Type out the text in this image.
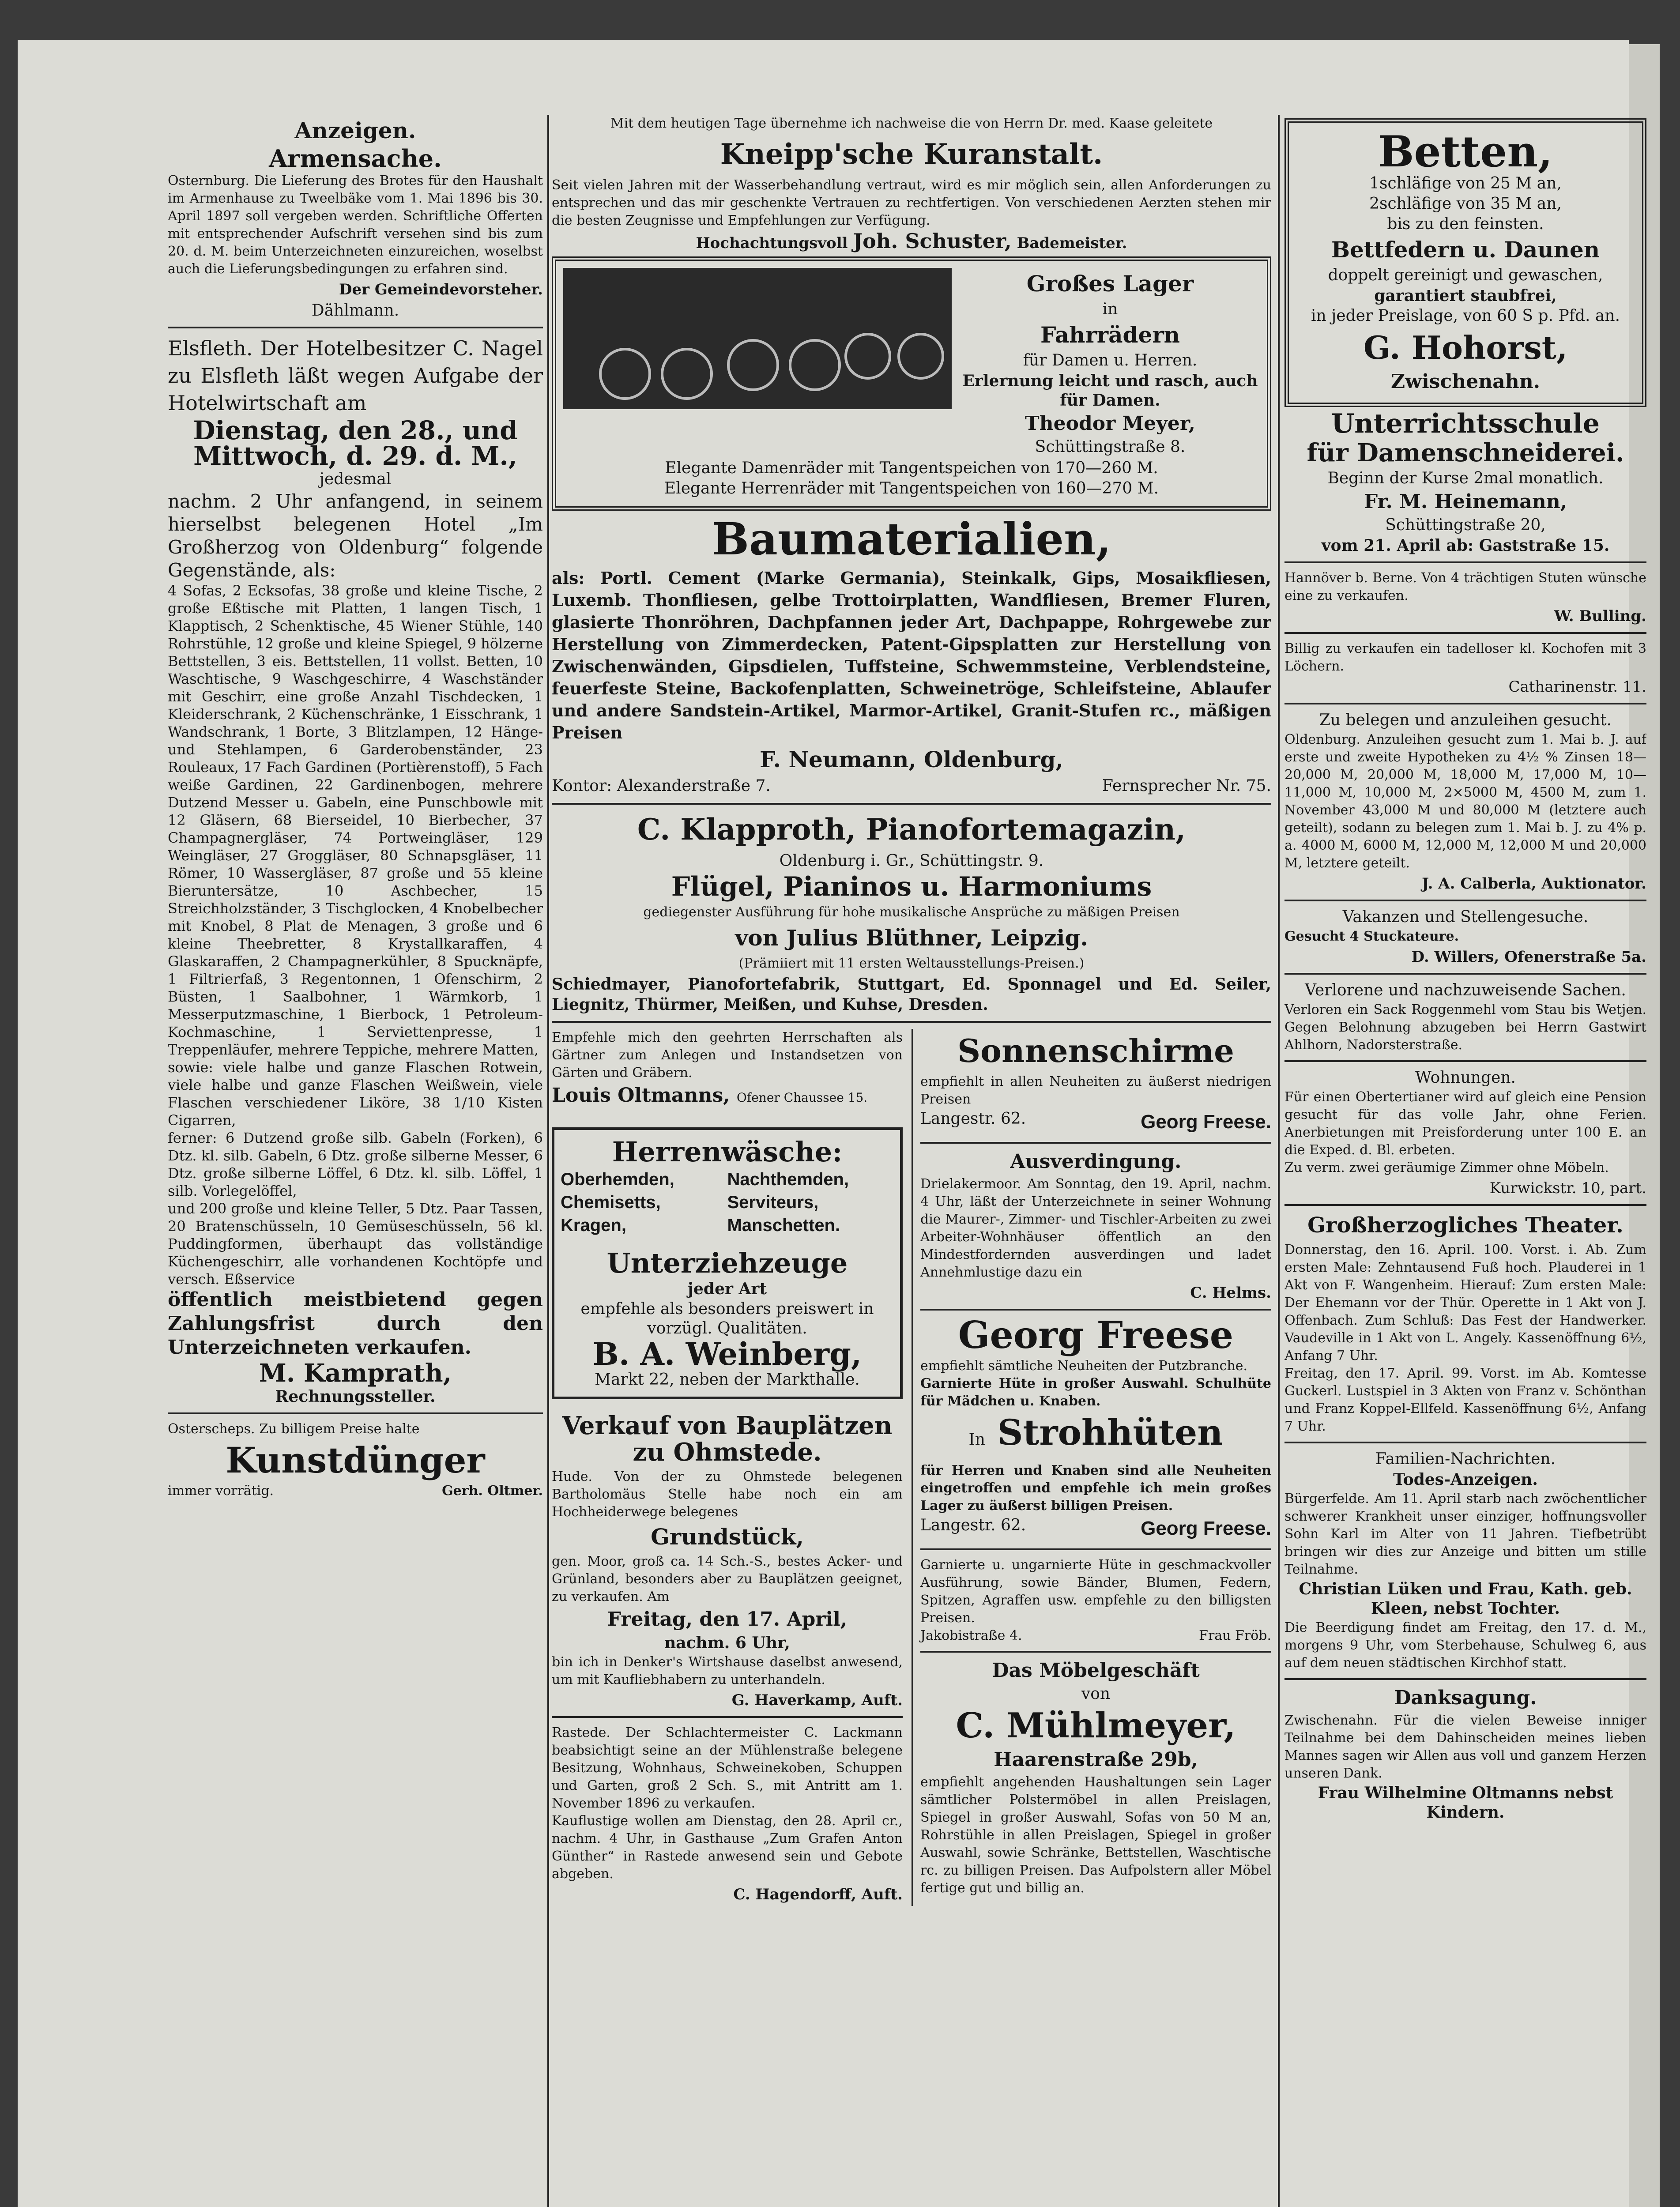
Anzeigen.

Armensache.

Osternburg. Die Lieferung des Brotes für den Haushalt im Armenhause zu Tweelbäke vom 1. Mai 1896 bis 30. April 1897 soll vergeben werden. Schriftliche Offerten mit entsprechender Aufschrift versehen sind bis zum 20. d. M. beim Unterzeichneten einzureichen, woselbst auch die Lieferungsbedingungen zu erfahren sind.

Der Gemeindevorsteher.

Dählmann.

Elsfleth. Der Hotelbesitzer C. Nagel zu Elsfleth läßt wegen Aufgabe der Hotelwirtschaft am

Dienstag, den 28., und

Mittwoch, d. 29. d. M.,

jedesmal

nachm. 2 Uhr anfangend, in seinem hierselbst belegenen Hotel „Im Großherzog von Oldenburg“ folgende Gegenstände, als:

4 Sofas, 2 Ecksofas, 38 große und kleine Tische, 2 große Eßtische mit Platten, 1 langen Tisch, 1 Klapptisch, 2 Schenktische, 45 Wiener Stühle, 140 Rohrstühle, 12 große und kleine Spiegel, 9 hölzerne Bettstellen, 3 eis. Bettstellen, 11 vollst. Betten, 10 Waschtische, 9 Waschgeschirre, 4 Waschständer mit Geschirr, eine große Anzahl Tischdecken, 1 Kleiderschrank, 2 Küchenschränke, 1 Eisschrank, 1 Wandschrank, 1 Borte, 3 Blitzlampen, 12 Hänge- und Stehlampen, 6 Garderobenständer, 23 Rouleaux, 17 Fach Gardinen (Portièrenstoff), 5 Fach weiße Gardinen, 22 Gardinenbogen, mehrere Dutzend Messer u. Gabeln, eine Punschbowle mit 12 Gläsern, 68 Bierseidel, 10 Bierbecher, 37 Champagnergläser, 74 Portweingläser, 129 Weingläser, 27 Groggläser, 80 Schnapsgläser, 11 Römer, 10 Wassergläser, 87 große und 55 kleine Bieruntersätze, 10 Aschbecher, 15 Streichholzständer, 3 Tischglocken, 4 Knobelbecher mit Knobel, 8 Plat de Menagen, 3 große und 6 kleine Theebretter, 8 Krystallkaraffen, 4 Glaskaraffen, 2 Champagnerkühler, 8 Spucknäpfe, 1 Filtrierfaß, 3 Regentonnen, 1 Ofenschirm, 2 Büsten, 1 Saalbohner, 1 Wärmkorb, 1 Messerputzmaschine, 1 Bierbock, 1 Petroleum-Kochmaschine, 1 Serviettenpresse, 1 Treppenläufer, mehrere Teppiche, mehrere Matten,

sowie: viele halbe und ganze Flaschen Rotwein, viele halbe und ganze Flaschen Weißwein, viele Flaschen verschiedener Liköre, 38 1/10 Kisten Cigarren,

ferner: 6 Dutzend große silb. Gabeln (Forken), 6 Dtz. kl. silb. Gabeln, 6 Dtz. große silberne Messer, 6 Dtz. große silberne Löffel, 6 Dtz. kl. silb. Löffel, 1 silb. Vorlegelöffel,

und 200 große und kleine Teller, 5 Dtz. Paar Tassen, 20 Bratenschüsseln, 10 Gemüseschüsseln, 56 kl. Puddingformen, überhaupt das vollständige Küchengeschirr, alle vorhandenen Kochtöpfe und versch. Eßservice

öffentlich meistbietend gegen Zahlungsfrist durch den Unterzeichneten verkaufen.

M. Kamprath,

Rechnungssteller.

Osterscheps. Zu billigem Preise halte

Kunstdünger

immer vorrätig.	Gerh. Oltmer.

Mit dem heutigen Tage übernehme ich nachweise die von Herrn Dr. med. Kaase geleitete

Kneipp'sche Kuranstalt.

Seit vielen Jahren mit der Wasserbehandlung vertraut, wird es mir möglich sein, allen Anforderungen zu entsprechen und das mir geschenkte Vertrauen zu rechtfertigen. Von verschiedenen Aerzten stehen mir die besten Zeugnisse und Empfehlungen zur Verfügung.

Hochachtungsvoll Joh. Schuster, Bademeister.

Großes Lager

in

Fahrrädern

für Damen u. Herren.

Erlernung leicht und rasch, auch für Damen.

Theodor Meyer,

Schüttingstraße 8.

Elegante Damenräder mit Tangentspeichen von 170—260 M.

Elegante Herrenräder mit Tangentspeichen von 160—270 M.

Baumaterialien,

als: Portl. Cement (Marke Germania), Steinkalk, Gips, Mosaikfliesen, Luxemb. Thonfliesen, gelbe Trottoirplatten, Wandfliesen, Bremer Fluren, glasierte Thonröhren, Dachpfannen jeder Art, Dachpappe, Rohrgewebe zur Herstellung von Zimmerdecken, Patent-Gipsplatten zur Herstellung von Zwischenwänden, Gipsdielen, Tuffsteine, Schwemmsteine, Verblendsteine, feuerfeste Steine, Backofenplatten, Schweinetröge, Schleifsteine, Ablaufer und andere Sandstein-Artikel, Marmor-Artikel, Granit-Stufen rc., mäßigen Preisen

F. Neumann, Oldenburg,

Kontor: Alexanderstraße 7.	Fernsprecher Nr. 75.

C. Klapproth, Pianofortemagazin,

Oldenburg i. Gr., Schüttingstr. 9.

Flügel, Pianinos u. Harmoniums

gediegenster Ausführung für hohe musikalische Ansprüche zu mäßigen Preisen

von Julius Blüthner, Leipzig.

(Prämiiert mit 11 ersten Weltausstellungs-Preisen.)

Schiedmayer, Pianofortefabrik, Stuttgart, Ed. Sponnagel und Ed. Seiler, Liegnitz, Thürmer, Meißen, und Kuhse, Dresden.

Empfehle mich den geehrten Herrschaften als Gärtner zum Anlegen und Instandsetzen von Gärten und Gräbern.

Louis Oltmanns, Ofener Chaussee 15.

Herrenwäsche:

Oberhemden,	Nachthemden,
Chemisetts,	Serviteurs,
Kragen,	Manschetten.

Unterziehzeuge

jeder Art

empfehle als besonders preiswert in vorzügl. Qualitäten.

B. A. Weinberg,

Markt 22, neben der Markthalle.

Verkauf von Bauplätzen zu Ohmstede.

Hude. Von der zu Ohmstede belegenen Bartholomäus Stelle habe noch ein am Hochheiderwege belegenes

Grundstück,

gen. Moor, groß ca. 14 Sch.-S., bestes Acker- und Grünland, besonders aber zu Bauplätzen geeignet, zu verkaufen. Am

Freitag, den 17. April,

nachm. 6 Uhr,

bin ich in Denker's Wirtshause daselbst anwesend, um mit Kaufliebhabern zu unterhandeln.

G. Haverkamp, Auft.

Rastede. Der Schlachtermeister C. Lackmann beabsichtigt seine an der Mühlenstraße belegene Besitzung, Wohnhaus, Schweinekoben, Schuppen und Garten, groß 2 Sch. S., mit Antritt am 1. November 1896 zu verkaufen.

Kauflustige wollen am Dienstag, den 28. April cr., nachm. 4 Uhr, in Gasthause „Zum Grafen Anton Günther“ in Rastede anwesend sein und Gebote abgeben.

C. Hagendorff, Auft.

Sonnenschirme

empfiehlt in allen Neuheiten zu äußerst niedrigen Preisen

Langestr. 62.	Georg Freese.

Ausverdingung.

Drielakermoor. Am Sonntag, den 19. April, nachm. 4 Uhr, läßt der Unterzeichnete in seiner Wohnung die Maurer-, Zimmer- und Tischler-Arbeiten zu zwei Arbeiter-Wohnhäuser öffentlich an den Mindestfordernden ausverdingen und ladet Annehmlustige dazu ein

C. Helms.

Georg Freese

empfiehlt sämtliche Neuheiten der Putzbranche.

Garnierte Hüte in großer Auswahl. Schulhüte für Mädchen u. Knaben.

In Strohhüten

für Herren und Knaben sind alle Neuheiten eingetroffen und empfehle ich mein großes Lager zu äußerst billigen Preisen.

Langestr. 62.	Georg Freese.

Garnierte u. ungarnierte Hüte in geschmackvoller Ausführung, sowie Bänder, Blumen, Federn, Spitzen, Agraffen usw. empfehle zu den billigsten Preisen.

Jakobistraße 4.	Frau Fröb.

Das Möbelgeschäft

von

C. Mühlmeyer,

Haarenstraße 29b,

empfiehlt angehenden Haushaltungen sein Lager sämtlicher Polstermöbel in allen Preislagen, Spiegel in großer Auswahl, Sofas von 50 M an, Rohrstühle in allen Preislagen, Spiegel in großer Auswahl, sowie Schränke, Bettstellen, Waschtische rc. zu billigen Preisen. Das Aufpolstern aller Möbel fertige gut und billig an.

Betten,

1schläfige von 25 M an,

2schläfige von 35 M an,

bis zu den feinsten.

Bettfedern u. Daunen

doppelt gereinigt und gewaschen,

garantiert staubfrei,

in jeder Preislage, von 60 S p. Pfd. an.

G. Hohorst,

Zwischenahn.

Unterrichtsschule

für Damenschneiderei.

Beginn der Kurse 2mal monatlich.

Fr. M. Heinemann,

Schüttingstraße 20,

vom 21. April ab: Gaststraße 15.

Hannöver b. Berne. Von 4 trächtigen Stuten wünsche eine zu verkaufen.

W. Bulling.

Billig zu verkaufen ein tadelloser kl. Kochofen mit 3 Löchern.

Catharinenstr. 11.

Zu belegen und anzuleihen gesucht.

Oldenburg. Anzuleihen gesucht zum 1. Mai b. J. auf erste und zweite Hypotheken zu 4½ % Zinsen 18—20,000 M, 20,000 M, 18,000 M, 17,000 M, 10—11,000 M, 10,000 M, 2×5000 M, 4500 M, zum 1. November 43,000 M und 80,000 M (letztere auch geteilt), sodann zu belegen zum 1. Mai b. J. zu 4% p. a. 4000 M, 6000 M, 12,000 M, 12,000 M und 20,000 M, letztere geteilt.

J. A. Calberla, Auktionator.

Vakanzen und Stellengesuche.

Gesucht 4 Stuckateure.

D. Willers, Ofenerstraße 5a.

Verlorene und nachzuweisende Sachen.

Verloren ein Sack Roggenmehl vom Stau bis Wetjen. Gegen Belohnung abzugeben bei Herrn Gastwirt Ahlhorn, Nadorsterstraße.

Wohnungen.

Für einen Obertertianer wird auf gleich eine Pension gesucht für das volle Jahr, ohne Ferien. Anerbietungen mit Preisforderung unter 100 E. an die Exped. d. Bl. erbeten.

Zu verm. zwei geräumige Zimmer ohne Möbeln.

Kurwickstr. 10, part.

Großherzogliches Theater.

Donnerstag, den 16. April. 100. Vorst. i. Ab. Zum ersten Male: Zehntausend Fuß hoch. Plauderei in 1 Akt von F. Wangenheim. Hierauf: Zum ersten Male: Der Ehemann vor der Thür. Operette in 1 Akt von J. Offenbach. Zum Schluß: Das Fest der Handwerker. Vaudeville in 1 Akt von L. Angely. Kassenöffnung 6½, Anfang 7 Uhr.

Freitag, den 17. April. 99. Vorst. im Ab. Komtesse Guckerl. Lustspiel in 3 Akten von Franz v. Schönthan und Franz Koppel-Ellfeld. Kassenöffnung 6½, Anfang 7 Uhr.

Familien-Nachrichten.

Todes-Anzeigen.

Bürgerfelde. Am 11. April starb nach zwöchentlicher schwerer Krankheit unser einziger, hoffnungsvoller Sohn Karl im Alter von 11 Jahren. Tiefbetrübt bringen wir dies zur Anzeige und bitten um stille Teilnahme.

Christian Lüken und Frau, Kath. geb. Kleen, nebst Tochter.

Die Beerdigung findet am Freitag, den 17. d. M., morgens 9 Uhr, vom Sterbehause, Schulweg 6, aus auf dem neuen städtischen Kirchhof statt.

Danksagung.

Zwischenahn. Für die vielen Beweise inniger Teilnahme bei dem Dahinscheiden meines lieben Mannes sagen wir Allen aus voll und ganzem Herzen unseren Dank.

Frau Wilhelmine Oltmanns nebst Kindern.
